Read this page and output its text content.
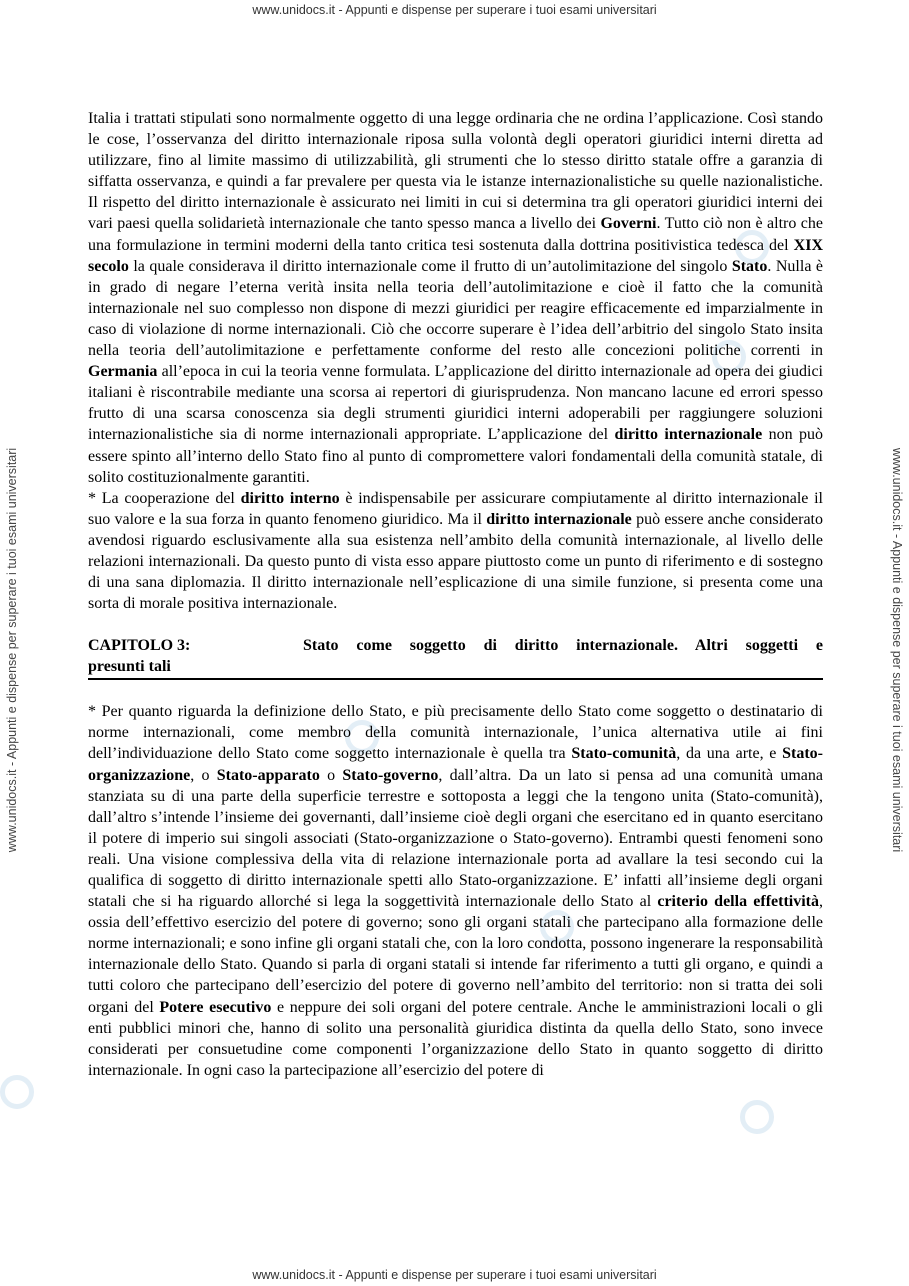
www.unidocs.it - Appunti e dispense per superare i tuoi esami universitari
www.unidocs.it - Appunti e dispense per superare i tuoi esami universitari	www.unidocs.it - Appunti e dispense per superare i tuoi esami universitari

Italia i trattati stipulati sono normalmente oggetto di una legge ordinaria che ne ordina l’applicazione. Così stando le cose, l’osservanza del diritto internazionale riposa sulla volontà degli operatori giuridici interni diretta ad utilizzare, fino al limite massimo di utilizzabilità, gli strumenti che lo stesso diritto statale offre a garanzia di siffatta osservanza, e quindi a far prevalere per questa via le istanze internazionalistiche su quelle nazionalistiche. Il rispetto del diritto internazionale è assicurato nei limiti in cui si determina tra gli operatori giuridici interni dei vari paesi quella solidarietà internazionale che tanto spesso manca a livello dei Governi. Tutto ciò non è altro che una formulazione in termini moderni della tanto critica tesi sostenuta dalla dottrina positivistica tedesca del XIX secolo la quale considerava il diritto internazionale come il frutto di un’autolimitazione del singolo Stato. Nulla è in grado di negare l’eterna verità insita nella teoria dell’autolimitazione e cioè il fatto che la comunità internazionale nel suo complesso non dispone di mezzi giuridici per reagire efficacemente ed imparzialmente in caso di violazione di norme internazionali. Ciò che occorre superare è l’idea dell’arbitrio del singolo Stato insita nella teoria dell’autolimitazione e perfettamente conforme del resto alle concezioni politiche correnti in Germania all’epoca in cui la teoria venne formulata. L’applicazione del diritto internazionale ad opera dei giudici italiani è riscontrabile mediante una scorsa ai repertori di giurisprudenza. Non mancano lacune ed errori spesso frutto di una scarsa conoscenza sia degli strumenti giuridici interni adoperabili per raggiungere soluzioni internazionalistiche sia di norme internazionali appropriate. L’applicazione del diritto internazionale non può essere spinto all’interno dello Stato fino al punto di compromettere valori fondamentali della comunità statale, di solito costituzionalmente garantiti.

* La cooperazione del diritto interno è indispensabile per assicurare compiutamente al diritto internazionale il suo valore e la sua forza in quanto fenomeno giuridico. Ma il diritto internazionale può essere anche considerato avendosi riguardo esclusivamente alla sua esistenza nell’ambito della comunità internazionale, al livello delle relazioni internazionali. Da questo punto di vista esso appare piuttosto come un punto di riferimento e di sostegno di una sana diplomazia. Il diritto internazionale nell’esplicazione di una simile funzione, si presenta come una sorta di morale positiva internazionale.

CAPITOLO 3:	Stato come soggetto di diritto internazionale. Altri soggetti e
presunti tali

* Per quanto riguarda la definizione dello Stato, e più precisamente dello Stato come soggetto o destinatario di norme internazionali, come membro della comunità internazionale, l’unica alternativa utile ai fini dell’individuazione dello Stato come soggetto internazionale è quella tra Stato-comunità, da una arte, e Stato-organizzazione, o Stato-apparato o Stato-governo, dall’altra. Da un lato si pensa ad una comunità umana stanziata su di una parte della superficie terrestre e sottoposta a leggi che la tengono unita (Stato-comunità), dall’altro s’intende l’insieme dei governanti, dall’insieme cioè degli organi che esercitano ed in quanto esercitano il potere di imperio sui singoli associati (Stato-organizzazione o Stato-governo). Entrambi questi fenomeni sono reali. Una visione complessiva della vita di relazione internazionale porta ad avallare la tesi secondo cui la qualifica di soggetto di diritto internazionale spetti allo Stato-organizzazione. E’ infatti all’insieme degli organi statali che si ha riguardo allorché si lega la soggettività internazionale dello Stato al criterio della effettività, ossia dell’effettivo esercizio del potere di governo; sono gli organi statali che partecipano alla formazione delle norme internazionali; e sono infine gli organi statali che, con la loro condotta, possono ingenerare la responsabilità internazionale dello Stato. Quando si parla di organi statali si intende far riferimento a tutti gli organo, e quindi a tutti coloro che partecipano dell’esercizio del potere di governo nell’ambito del territorio: non si tratta dei soli organi del Potere esecutivo e neppure dei soli organi del potere centrale. Anche le amministrazioni locali o gli enti pubblici minori che, hanno di solito una personalità giuridica distinta da quella dello Stato, sono invece considerati per consuetudine come componenti l’organizzazione dello Stato in quanto soggetto di diritto internazionale. In ogni caso la partecipazione all’esercizio del potere di

www.unidocs.it - Appunti e dispense per superare i tuoi esami universitari
